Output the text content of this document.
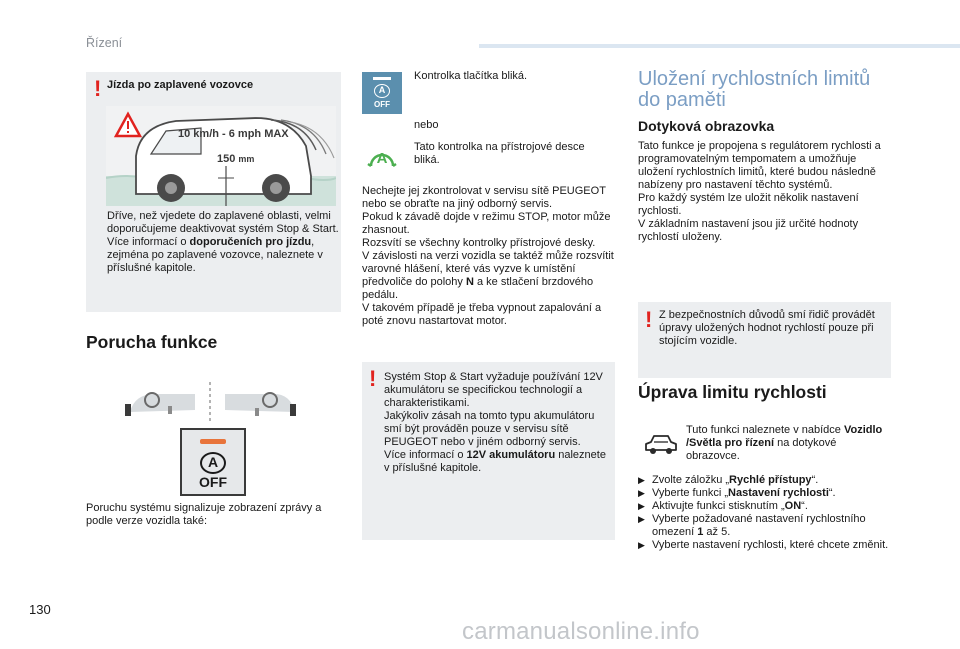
Řízení
130
carmanualsonline.info
! Jízda po zaplavené vozovce
10 km/h - 6 mph MAX
150 mm
Dříve, než vjedete do zaplavené oblasti, velmi doporučujeme deaktivovat systém Stop & Start.
Více informací o doporučeních pro jízdu, zejména po zaplavené vozovce, naleznete v příslušné kapitole.
Porucha funkce
A
OFF
Poruchu systému signalizuje zobrazení zprávy a podle verze vozidla také:
A
OFF
Kontrolka tlačítka bliká.
nebo
A
Tato kontrolka na přístrojové desce bliká.
Nechejte jej zkontrolovat v servisu sítě PEUGEOT nebo se obraťte na jiný odborný servis.
Pokud k závadě dojde v režimu STOP, motor může zhasnout.
Rozsvítí se všechny kontrolky přístrojové desky.
V závislosti na verzi vozidla se taktéž může rozsvítit varovné hlášení, které vás vyzve k umístění předvoliče do polohy N a ke stlačení brzdového pedálu.
V takovém případě je třeba vypnout zapalování a poté znovu nastartovat motor.
! Systém Stop & Start vyžaduje používání 12V akumulátoru se specifickou technologií a charakteristikami.
Jakýkoliv zásah na tomto typu akumulátoru smí být prováděn pouze v servisu sítě PEUGEOT nebo v jiném odborný servis.
Více informací o 12V akumulátoru naleznete v příslušné kapitole.
Uložení rychlostních limitů
do paměti
Dotyková obrazovka
Tato funkce je propojena s regulátorem rychlosti a programovatelným tempomatem a umožňuje uložení rychlostních limitů, které budou následně nabízeny pro nastavení těchto systémů.
Pro každý systém lze uložit několik nastavení rychlosti.
V základním nastavení jsou již určité hodnoty rychlostí uloženy.
! Z bezpečnostních důvodů smí řidič provádět úpravy uložených hodnot rychlostí pouze při stojícím vozidle.
Úprava limitu rychlosti
Tuto funkci naleznete v nabídce Vozidlo /Světla pro řízení na dotykové obrazovce.
▶ Zvolte záložku „Rychlé přístupy“.
▶ Vyberte funkci „Nastavení rychlosti“.
▶ Aktivujte funkci stisknutím „ON“.
▶ Vyberte požadované nastavení rychlostního omezení 1 až 5.
▶ Vyberte nastavení rychlosti, které chcete změnit.
